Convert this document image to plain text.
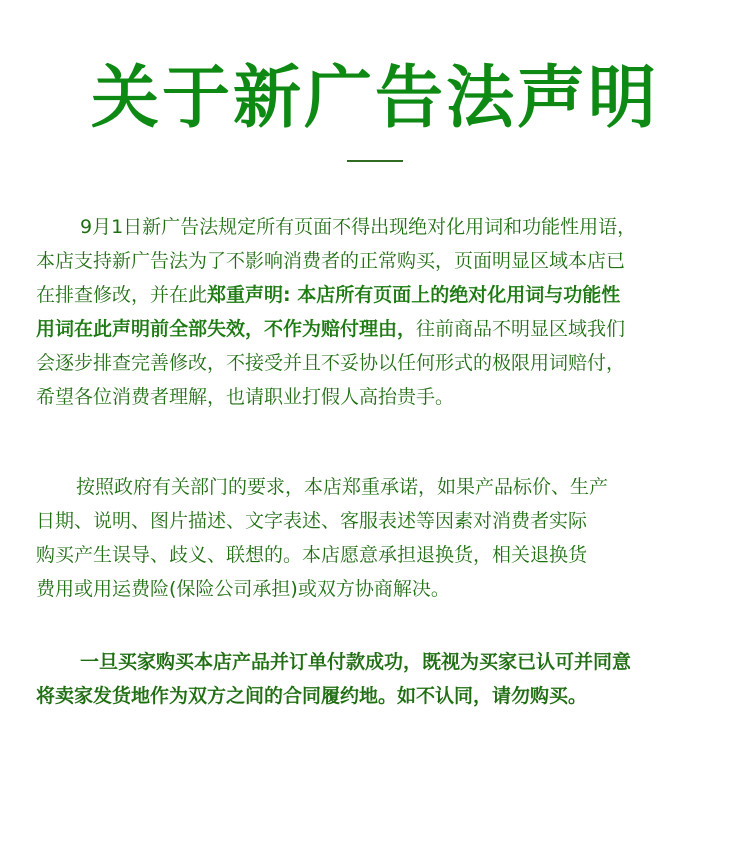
关于新广告法声明
9月1日新广告法规定所有页面不得出现绝对化用词和功能性用语，
本店支持新广告法为了不影响消费者的正常购买，页面明显区域本店已
在排查修改，并在此郑重声明: 本店所有页面上的绝对化用词与功能性
用词在此声明前全部失效，不作为赔付理由，往前商品不明显区域我们
会逐步排查完善修改，不接受并且不妥协以任何形式的极限用词赔付，
希望各位消费者理解，也请职业打假人高抬贵手。
按照政府有关部门的要求，本店郑重承诺，如果产品标价、生产
日期、说明、图片描述、文字表述、客服表述等因素对消费者实际
购买产生误导、歧义、联想的。本店愿意承担退换货，相关退换货
费用或用运费险(保险公司承担)或双方协商解决。
一旦买家购买本店产品并订单付款成功，既视为买家已认可并同意
将卖家发货地作为双方之间的合同履约地。如不认同，请勿购买。
